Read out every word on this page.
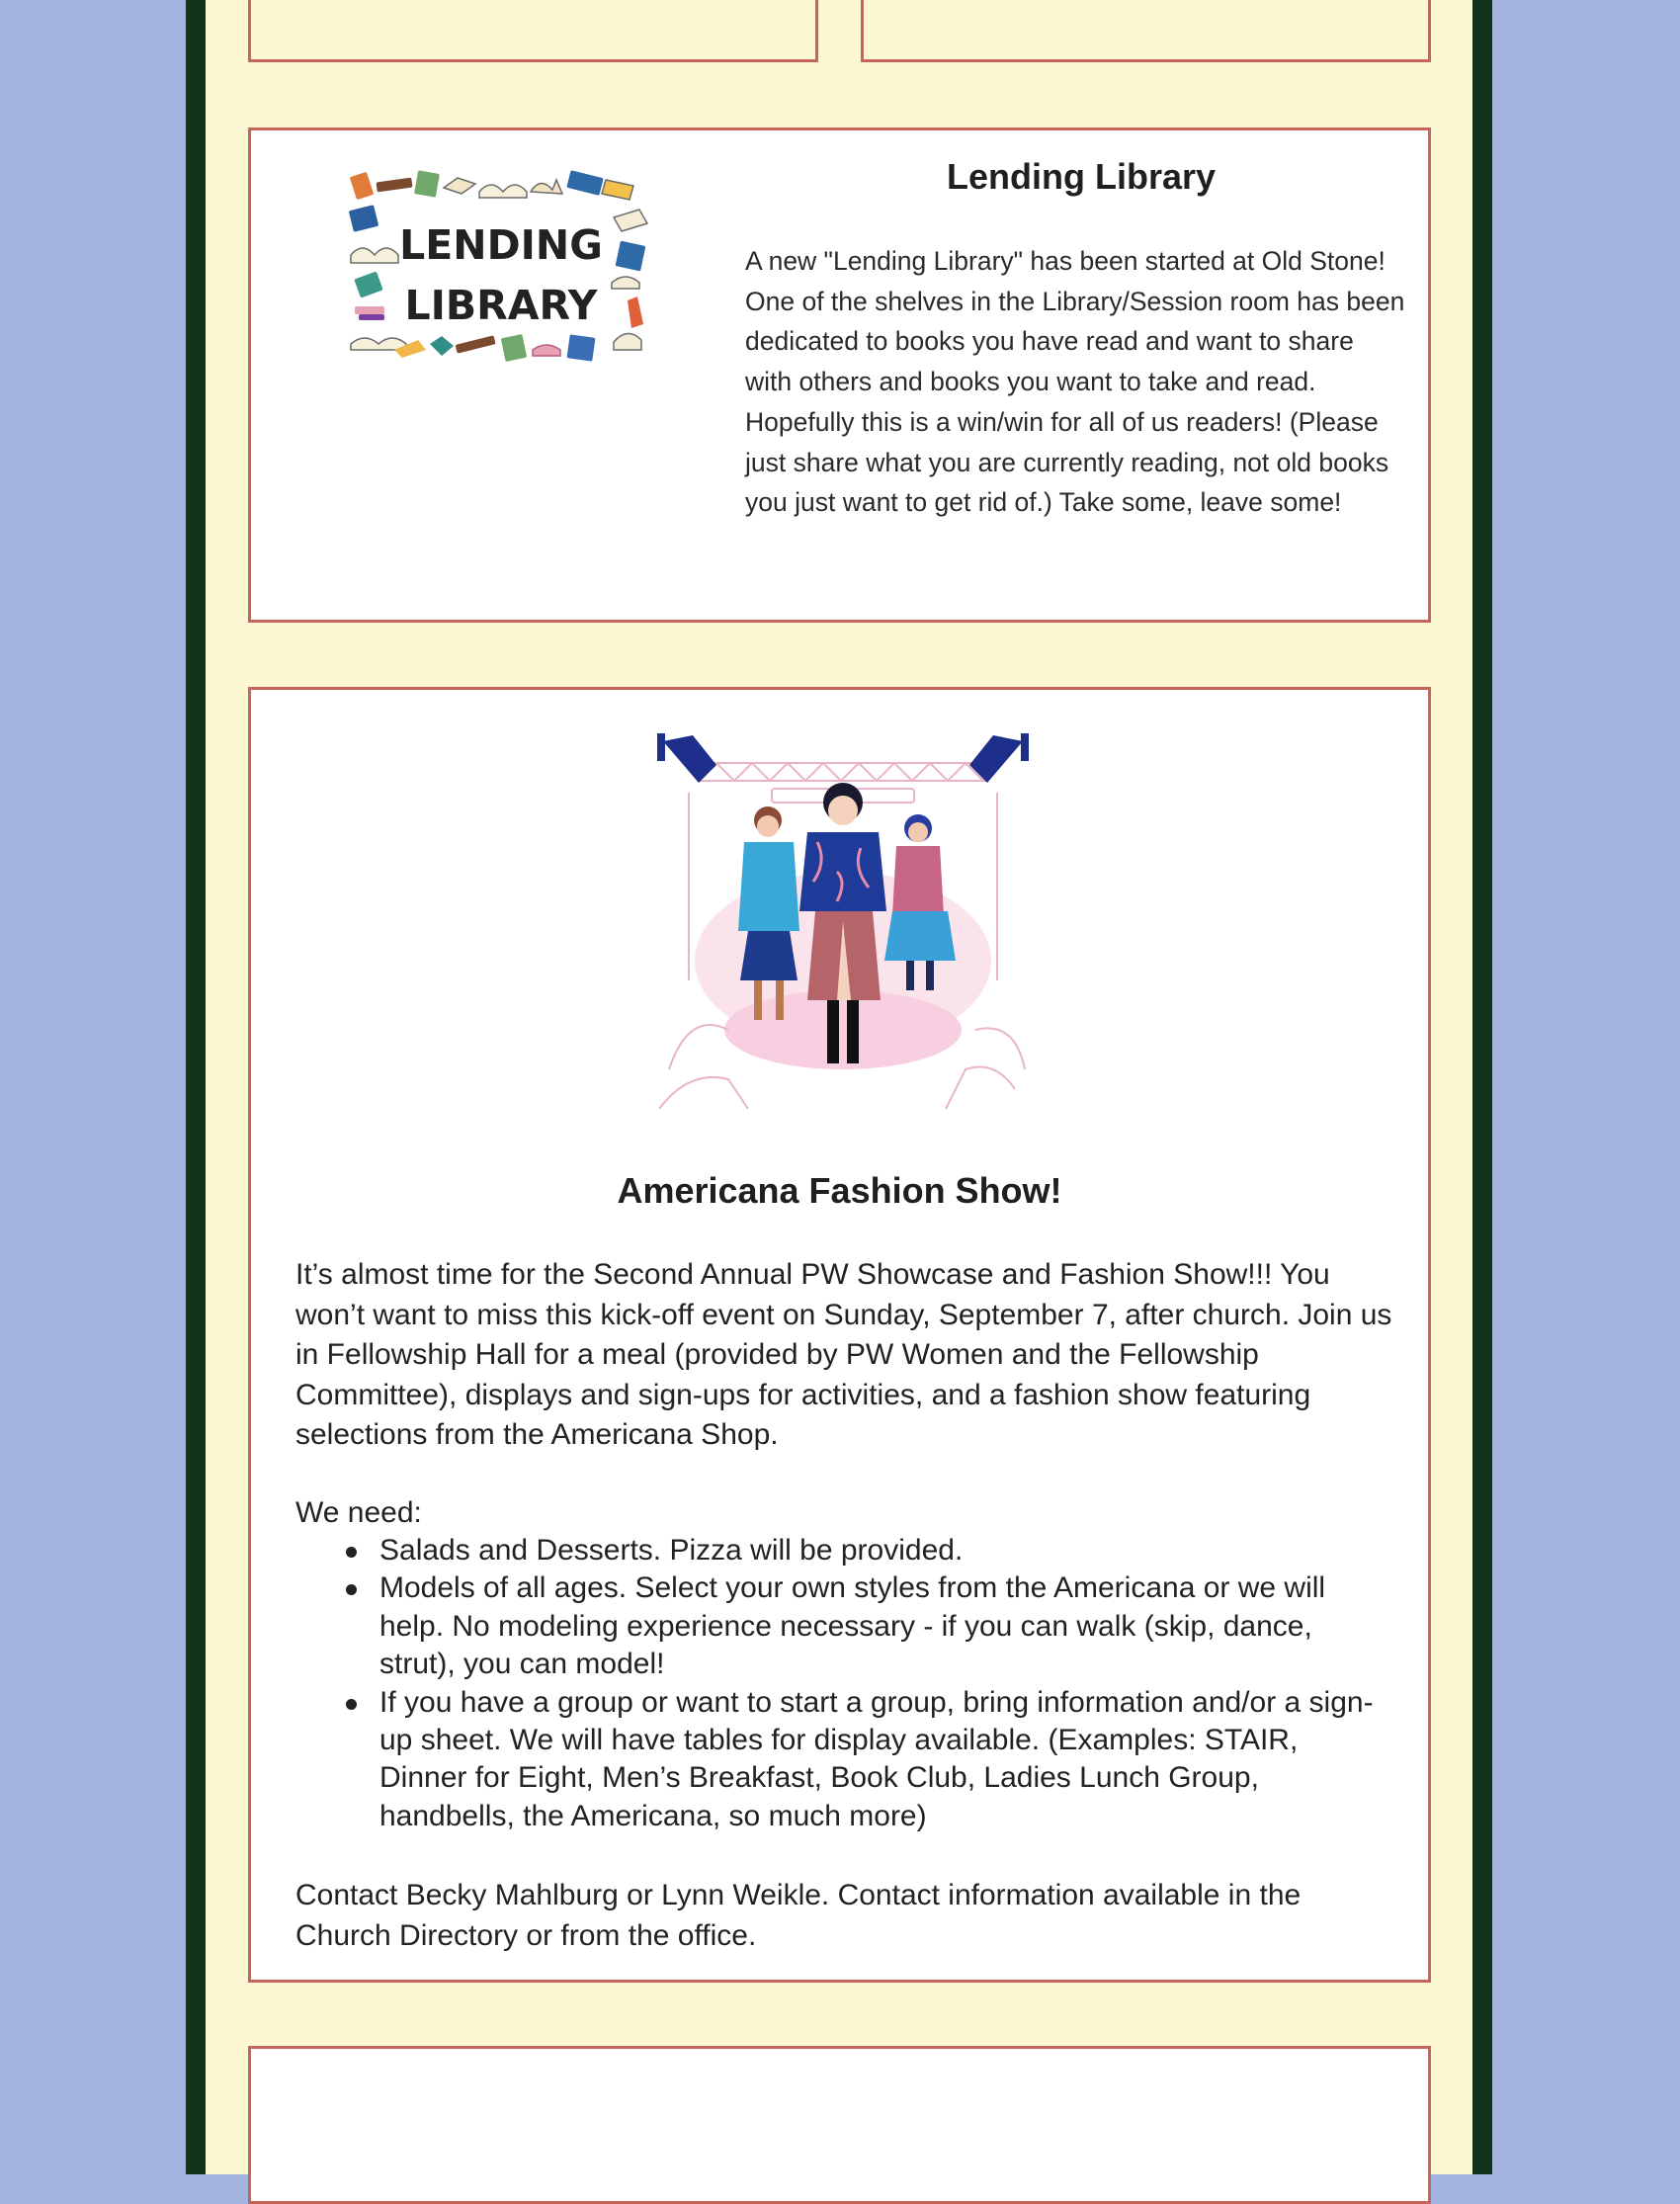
LENDING
LIBRARY
Lending Library

A new "Lending Library" has been started at Old Stone! One of the shelves in the Library/Session room has been dedicated to books you have read and want to share with others and books you want to take and read. Hopefully this is a win/win for all of us readers! (Please just share what you are currently reading, not old books you just want to get rid of.) Take some, leave some!

Americana Fashion Show!

It’s almost time for the Second Annual PW Showcase and Fashion Show!!! You won’t want to miss this kick-off event on Sunday, September 7, after church. Join us in Fellowship Hall for a meal (provided by PW Women and the Fellowship Committee), displays and sign-ups for activities, and a fashion show featuring selections from the Americana Shop.

We need:

Salads and Desserts. Pizza will be provided.
Models of all ages. Select your own styles from the Americana or we will help. No modeling experience necessary - if you can walk (skip, dance, strut), you can model!
If you have a group or want to start a group, bring information and/or a sign-up sheet. We will have tables for display available. (Examples: STAIR, Dinner for Eight, Men’s Breakfast, Book Club, Ladies Lunch Group, handbells, the Americana, so much more)

Contact Becky Mahlburg or Lynn Weikle. Contact information available in the Church Directory or from the office.
